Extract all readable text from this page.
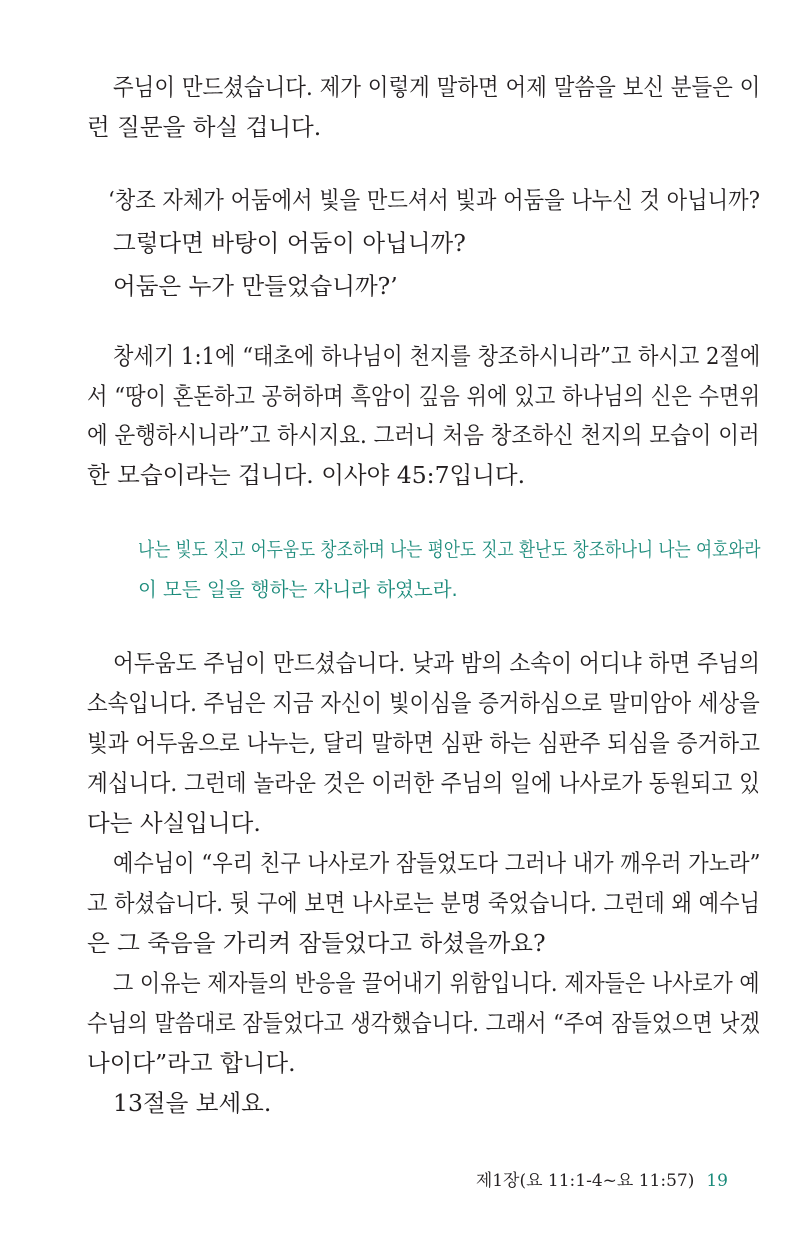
주님이 만드셨습니다. 제가 이렇게 말하면 어제 말씀을 보신 분들은 이
런 질문을 하실 겁니다.
‘창조 자체가 어둠에서 빛을 만드셔서 빛과 어둠을 나누신 것 아닙니까?
그렇다면 바탕이 어둠이 아닙니까?
어둠은 누가 만들었습니까?’
창세기 1:1에 “태초에 하나님이 천지를 창조하시니라”고 하시고 2절에
서 “땅이 혼돈하고 공허하며 흑암이 깊음 위에 있고 하나님의 신은 수면위
에 운행하시니라”고 하시지요. 그러니 처음 창조하신 천지의 모습이 이러
한 모습이라는 겁니다. 이사야 45:7입니다.
나는 빛도 짓고 어두움도 창조하며 나는 평안도 짓고 환난도 창조하나니 나는 여호와라
이 모든 일을 행하는 자니라 하였노라.
어두움도 주님이 만드셨습니다. 낮과 밤의 소속이 어디냐 하면 주님의
소속입니다. 주님은 지금 자신이 빛이심을 증거하심으로 말미암아 세상을
빛과 어두움으로 나누는, 달리 말하면 심판 하는 심판주 되심을 증거하고
계십니다. 그런데 놀라운 것은 이러한 주님의 일에 나사로가 동원되고 있
다는 사실입니다.
예수님이 “우리 친구 나사로가 잠들었도다 그러나 내가 깨우러 가노라”
고 하셨습니다. 뒷 구에 보면 나사로는 분명 죽었습니다. 그런데 왜 예수님
은 그 죽음을 가리켜 잠들었다고 하셨을까요?
그 이유는 제자들의 반응을 끌어내기 위함입니다. 제자들은 나사로가 예
수님의 말씀대로 잠들었다고 생각했습니다. 그래서 “주여 잠들었으면 낫겠
나이다”라고 합니다.
13절을 보세요.
제1장(요 11:1-4~요 11:57) 19
